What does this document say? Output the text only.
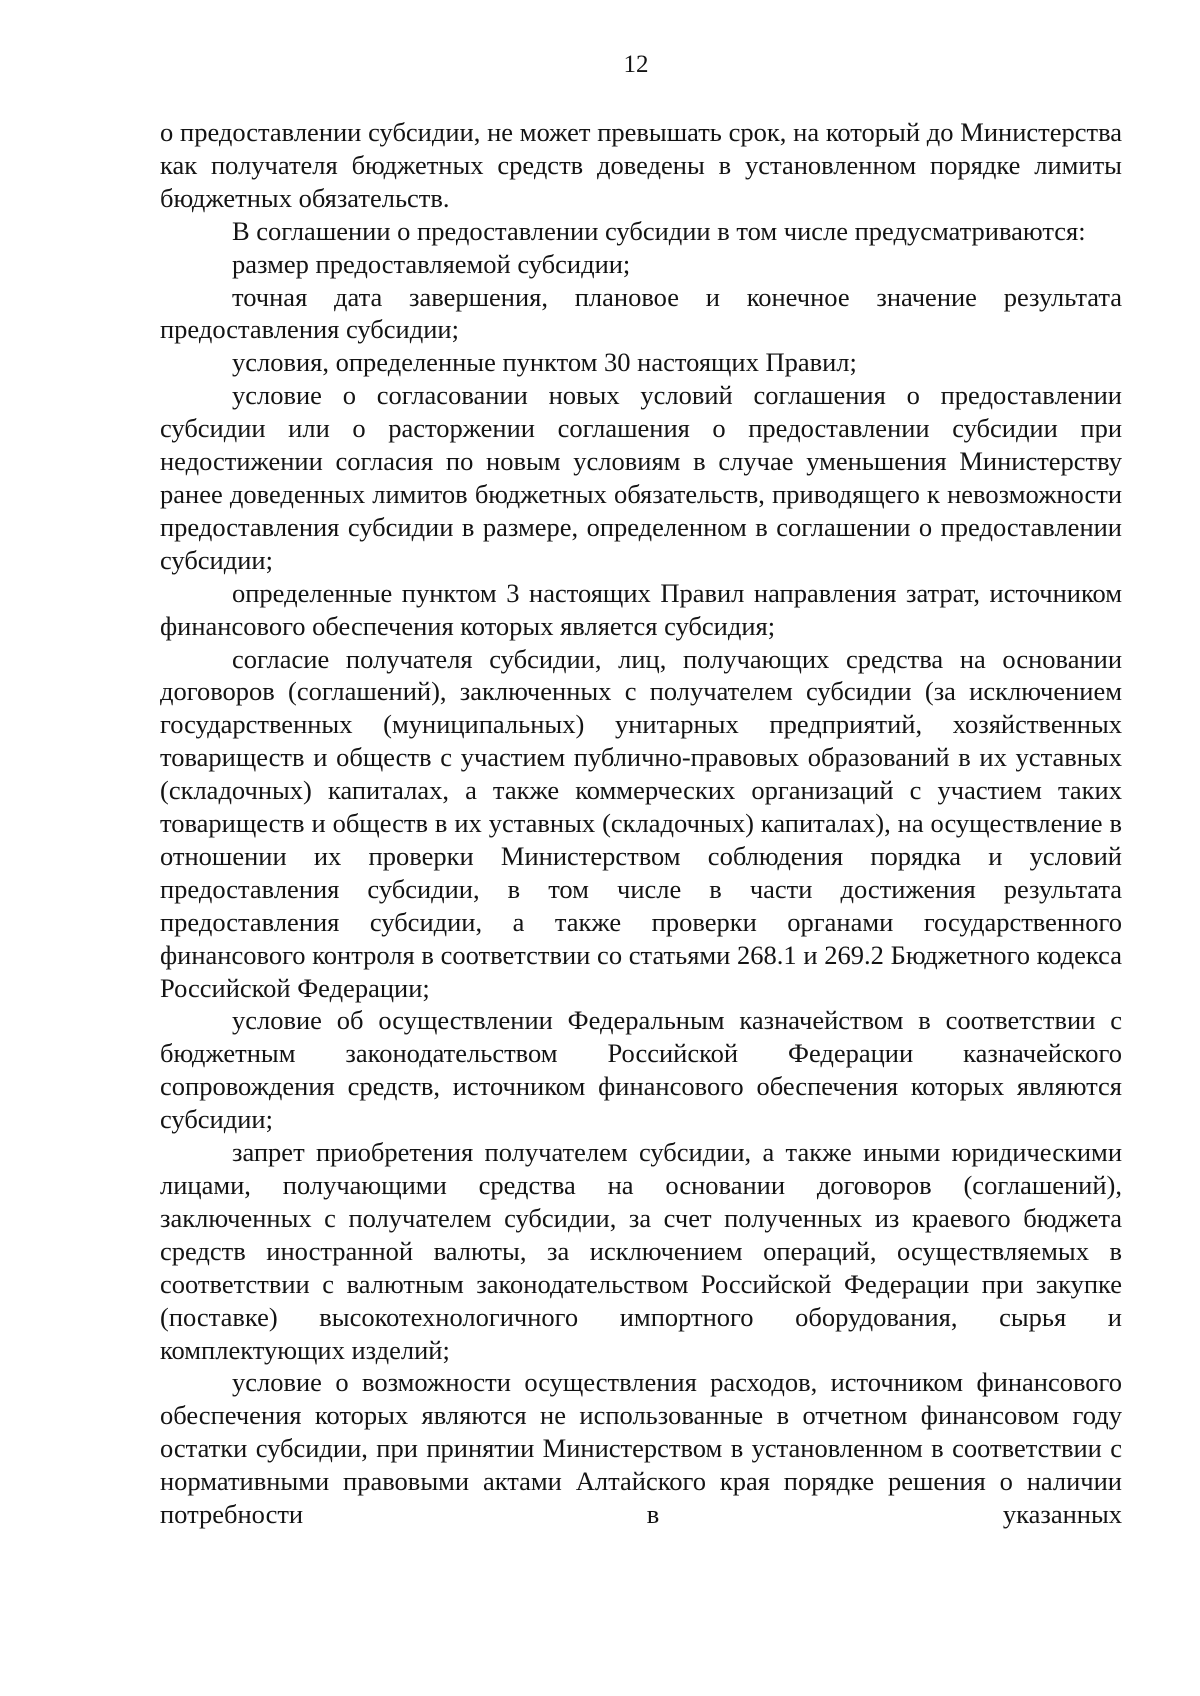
12

о предоставлении субсидии, не может превышать срок, на который до Министерства как получателя бюджетных средств доведены в установленном порядке лимиты бюджетных обязательств.

В соглашении о предоставлении субсидии в том числе предусматриваются:

размер предоставляемой субсидии;

точная дата завершения, плановое и конечное значение результата предоставления субсидии;

условия, определенные пунктом 30 настоящих Правил;

условие о согласовании новых условий соглашения о предоставлении субсидии или о расторжении соглашения о предоставлении субсидии при недостижении согласия по новым условиям в случае уменьшения Министерству ранее доведенных лимитов бюджетных обязательств, приводящего к невозможности предоставления субсидии в размере, определенном в соглашении о предоставлении субсидии;

определенные пунктом 3 настоящих Правил направления затрат, источником финансового обеспечения которых является субсидия;

согласие получателя субсидии, лиц, получающих средства на основании договоров (соглашений), заключенных с получателем субсидии (за исключением государственных (муниципальных) унитарных предприятий, хозяйственных товариществ и обществ с участием публично-правовых образований в их уставных (складочных) капиталах, а также коммерческих организаций с участием таких товариществ и обществ в их уставных (складочных) капиталах), на осуществление в отношении их проверки Министерством соблюдения порядка и условий предоставления субсидии, в том числе в части достижения результата предоставления субсидии, а также проверки органами государственного финансового контроля в соответствии со статьями 268.1 и 269.2 Бюджетного кодекса Российской Федерации;

условие об осуществлении Федеральным казначейством в соответствии с бюджетным законодательством Российской Федерации казначейского сопровождения средств, источником финансового обеспечения которых являются субсидии;

запрет приобретения получателем субсидии, а также иными юридическими лицами, получающими средства на основании договоров (соглашений), заключенных с получателем субсидии, за счет полученных из краевого бюджета средств иностранной валюты, за исключением операций, осуществляемых в соответствии с валютным законодательством Российской Федерации при закупке (поставке) высокотехнологичного импортного оборудования, сырья и комплектующих изделий;

условие о возможности осуществления расходов, источником финансового обеспечения которых являются не использованные в отчетном финансовом году остатки субсидии, при принятии Министерством в установленном в соответствии с нормативными правовыми актами Алтайского края порядке решения о наличии потребности в указанных
